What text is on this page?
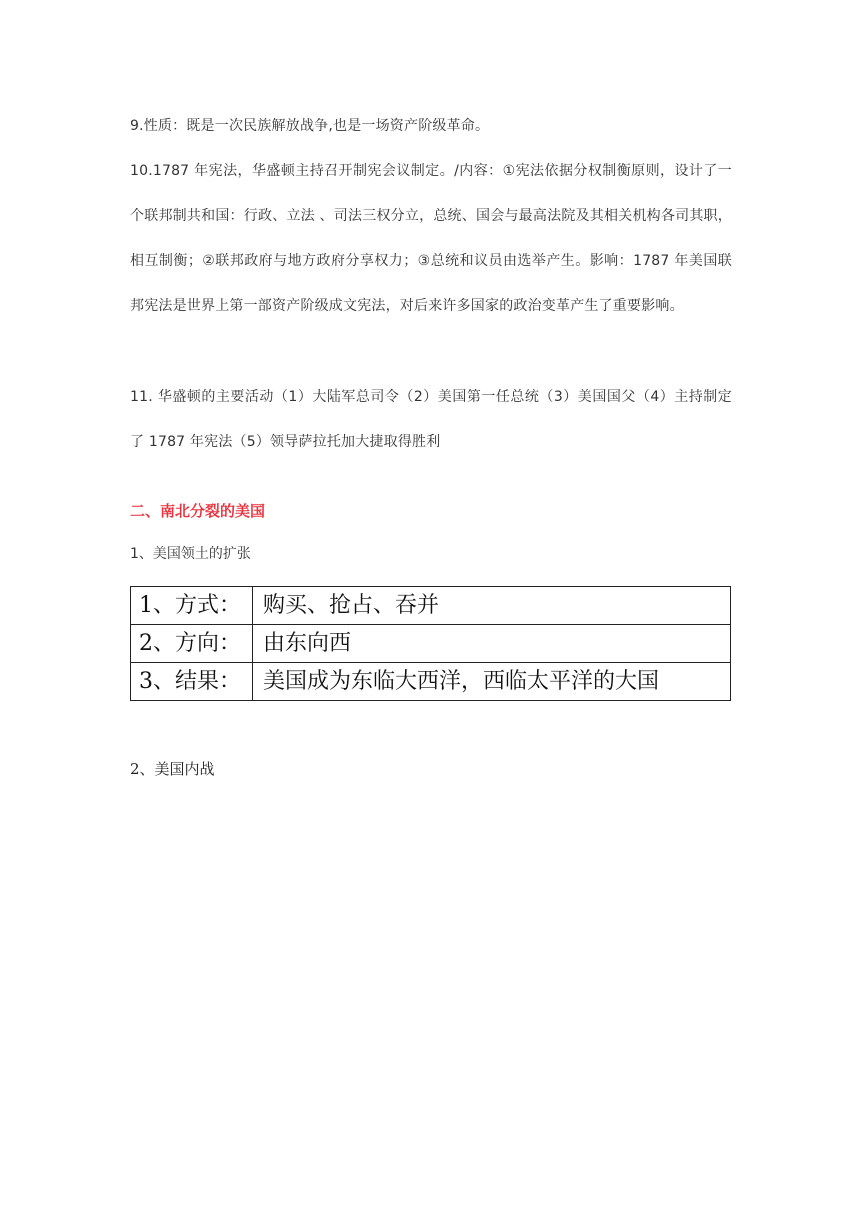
9.性质：既是一次民族解放战争,也是一场资产阶级革命。
10.1787 年宪法，华盛顿主持召开制宪会议制定。/内容：①宪法依据分权制衡原则，设计了一个联邦制共和国：行政、立法 、司法三权分立，总统、国会与最高法院及其相关机构各司其职，相互制衡；②联邦政府与地方政府分享权力；③总统和议员由选举产生。影响：1787 年美国联邦宪法是世界上第一部资产阶级成文宪法，对后来许多国家的政治变革产生了重要影响。
11. 华盛顿的主要活动（1）大陆军总司令（2）美国第一任总统（3）美国国父（4）主持制定了 1787 年宪法（5）领导萨拉托加大捷取得胜利
二、南北分裂的美国
1、美国领土的扩张
1、方式：	购买、抢占、吞并
2、方向：	由东向西
3、结果：	美国成为东临大西洋，西临太平洋的大国
2、美国内战
